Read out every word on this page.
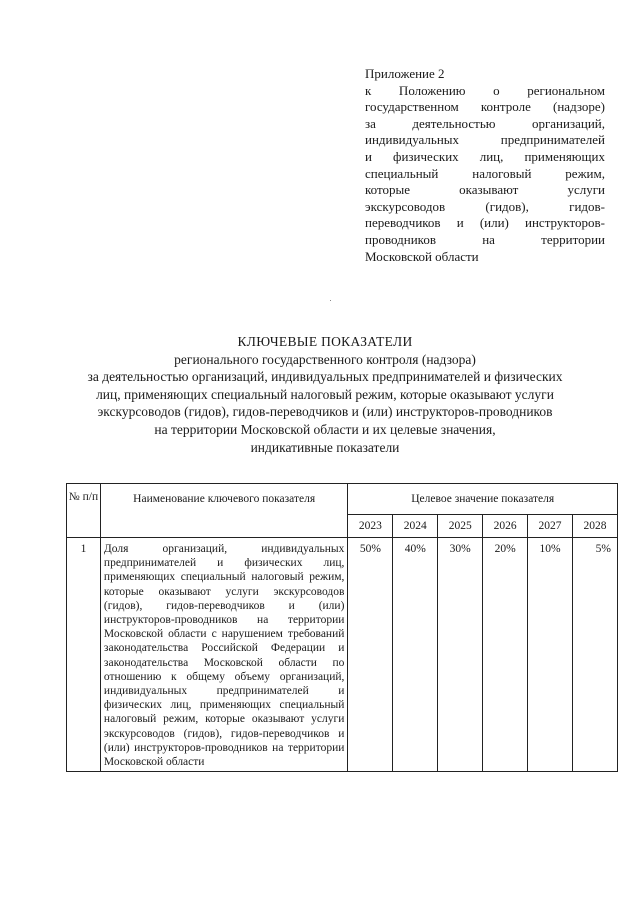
Приложение 2
к Положению о региональном
государственном контроле (надзоре)
за деятельностью организаций,
индивидуальных предпринимателей
и физических лиц, применяющих
специальный налоговый режим,
которые оказывают услуги
экскурсоводов (гидов), гидов-
переводчиков и (или) инструкторов-
проводников на территории
Московской области
КЛЮЧЕВЫЕ ПОКАЗАТЕЛИ
регионального государственного контроля (надзора)
за деятельностью организаций, индивидуальных предпринимателей и физических
лиц, применяющих специальный налоговый режим, которые оказывают услуги
экскурсоводов (гидов), гидов-переводчиков и (или) инструкторов-проводников
на территории Московской области и их целевые значения,
индикативные показатели
№ п/п	Наименование ключевого показателя	Целевое значение показателя					
		2023	2024	2025	2026	2027	2028
1	Доля организаций, индивидуальных предпринимателей и физических лиц, применяющих специальный налоговый режим, которые оказывают услуги экскурсоводов (гидов), гидов-переводчиков и (или) инструкторов-проводников на территории Московской области с нарушением требований законодательства Российской Федерации и законодательства Московской области по отношению к общему объему организаций, индивидуальных предпринимателей и физических лиц, применяющих специальный налоговый режим, которые оказывают услуги экскурсоводов (гидов), гидов-переводчиков и (или) инструкторов-проводников на территории Московской области	50%	40%	30%	20%	10%	5%
